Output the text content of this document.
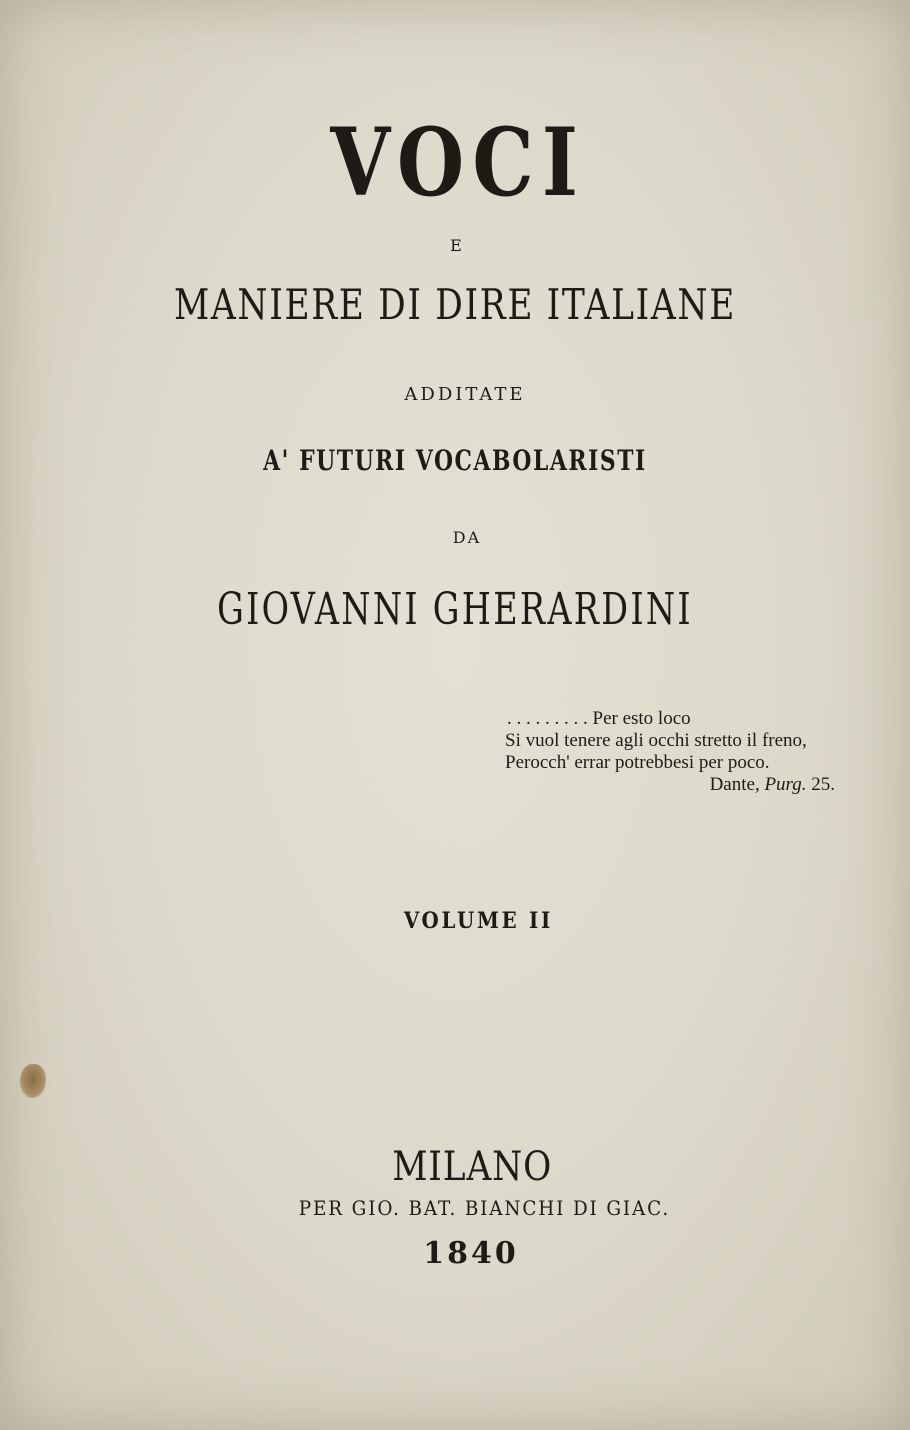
VOCI
E
MANIERE DI DIRE ITALIANE
ADDITATE
A' FUTURI VOCABOLARISTI
DA
GIOVANNI GHERARDINI
. . . . . . . . . Per esto loco
Si vuol tenere agli occhi stretto il freno,
Perocch' errar potrebbesi per poco.
Dante, Purg. 25.
VOLUME II
MILANO
PER GIO. BAT. BIANCHI DI GIAC.
1840
